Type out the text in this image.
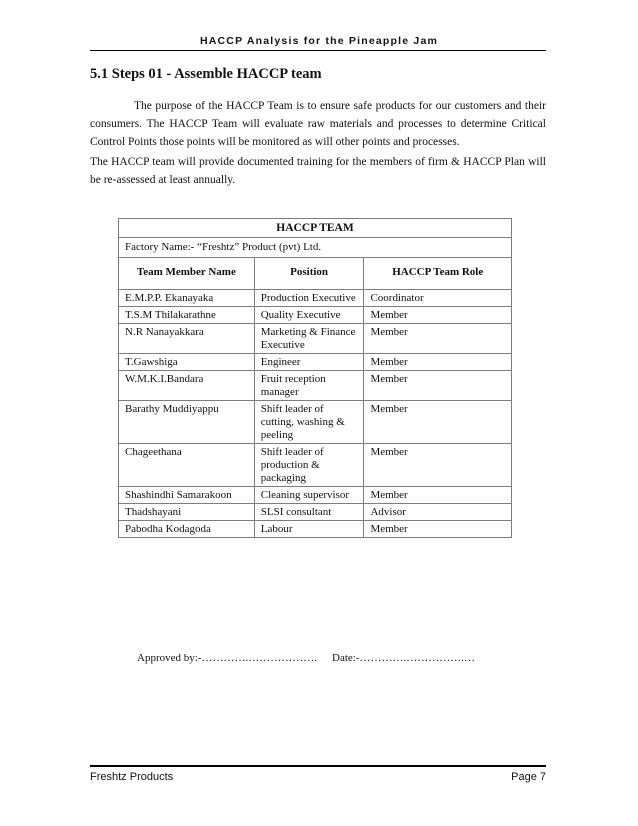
HACCP Analysis for the Pineapple Jam
5.1 Steps 01 - Assemble HACCP team

The purpose of the HACCP Team is to ensure safe products for our customers and their consumers. The HACCP Team will evaluate raw materials and processes to determine Critical Control Points those points will be monitored as will other points and processes.

The HACCP team will provide documented training for the members of firm & HACCP Plan will be re-assessed at least annually.

HACCP TEAM		
Factory Name:- “Freshtz” Product (pvt) Ltd.		
Team Member Name	Position	HACCP Team Role
E.M.P.P. Ekanayaka	Production Executive	Coordinator
T.S.M Thilakarathne	Quality Executive	Member
N.R Nanayakkara	Marketing & Finance Executive	Member
T.Gawshiga	Engineer	Member
W.M.K.I.Bandara	Fruit reception manager	Member
Barathy Muddiyappu	Shift leader of cutting, washing & peeling	Member
Chageethana	Shift leader of production & packaging	Member
Shashindhi Samarakoon	Cleaning supervisor	Member
Thadshayani	SLSI consultant	Advisor
Pabodha Kodagoda	Labour	Member
Approved by:-………….………………. Date:-………….…………….…
Freshtz Products	Page 7
